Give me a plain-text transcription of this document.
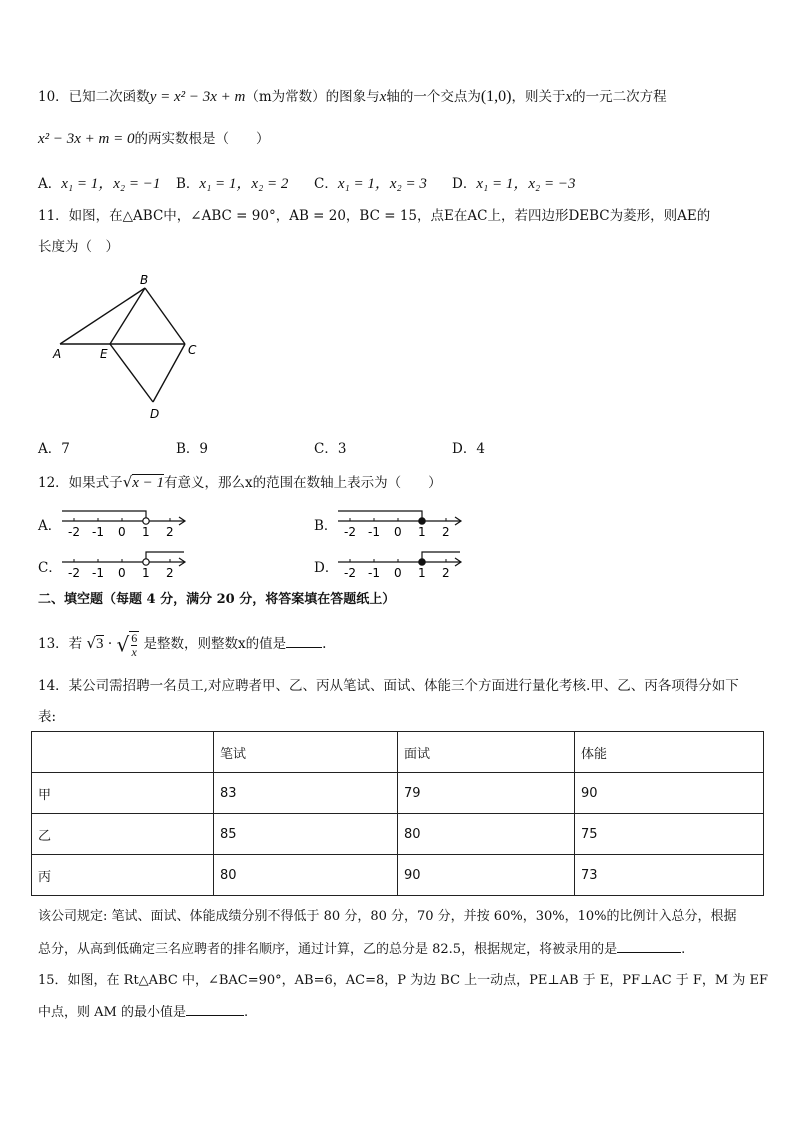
10．已知二次函数y = x² − 3x + m（m为常数）的图象与x轴的一个交点为(1,0)，则关于x的一元二次方程
x² − 3x + m = 0的两实数根是（　　）
A．x₁ = 1，x₂ = −1 B．x₁ = 1，x₂ = 2 C．x₁ = 1，x₂ = 3 D．x₁ = 1，x₂ = −3
11．如图，在△ABC中，∠ABC = 90°，AB = 20，BC = 15，点E在AC上，若四边形DEBC为菱形，则AE的
长度为（　）
A
B
C
D
E
A．7	B．9	C．3	D．4
12．如果式子√x − 1有意义，那么x的范围在数轴上表示为（　　）
A． -2 -1 0 1 2	B． -2 -1 0 1 2
C． -2 -1 0 1 2	D． -2 -1 0 1 2
二、填空题（每题 4 分，满分 20 分，将答案填在答题纸上）
13．若 √3 · √ $\frac{6}{x}$ 是整数，则整数x的值是	.
14．某公司需招聘一名员工,对应聘者甲、乙、丙从笔试、面试、体能三个方面进行量化考核.甲、乙、丙各项得分如下
表:
	笔试	面试	体能
甲	83	79	90
乙	85	80	75
丙	80	90	73
该公司规定: 笔试、面试、体能成绩分别不得低于 80 分，80 分，70 分，并按 60%，30%，10%的比例计入总分，根据
总分，从高到低确定三名应聘者的排名顺序，通过计算，乙的总分是 82.5，根据规定，将被录用的是	.
15．如图，在 Rt△ABC 中，∠BAC=90°，AB=6，AC=8，P 为边 BC 上一动点，PE⊥AB 于 E，PF⊥AC 于 F，M 为 EF
中点，则 AM 的最小值是	.
